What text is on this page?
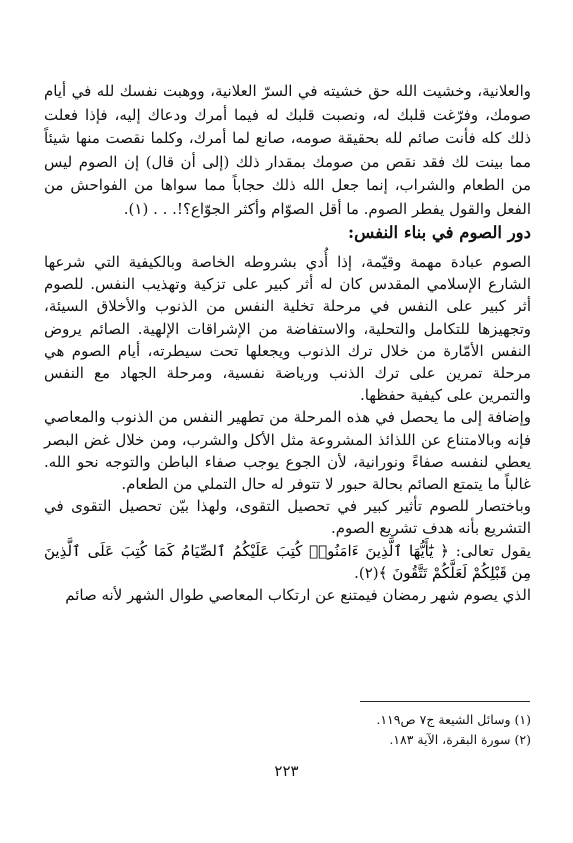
والعلانية، وخشيت الله حق خشيته في السرّ العلانية، ووهبت نفسك لله في أيام صومك، وفرّغت قلبك له، ونصبت قلبك له فيما أمرك ودعاك إليه، فإذا فعلت ذلك كله فأنت صائم لله بحقيقة صومه، صانع لما أمرك، وكلما نقصت منها شيئاً مما بينت لك فقد نقص من صومك بمقدار ذلك (إلى أن قال) إن الصوم ليس من الطعام والشراب، إنما جعل الله ذلك حجاباً مما سواها من الفواحش من الفعل والقول يفطر الصوم. ما أقل الصوّام وأكثر الجوّاع؟!. . . (١).

دور الصوم في بناء النفس:

الصوم عبادة مهمة وقيّمة، إذا أُدي بشروطه الخاصة وبالكيفية التي شرعها الشارع الإسلامي المقدس كان له أثر كبير على تزكية وتهذيب النفس. للصوم أثر كبير على النفس في مرحلة تخلية النفس من الذنوب والأخلاق السيئة، وتجهيزها للتكامل والتحلية، والاستفاضة من الإشراقات الإلهية. الصائم يروض النفس الأمّارة من خلال ترك الذنوب ويجعلها تحت سيطرته، أيام الصوم هي مرحلة تمرين على ترك الذنب ورياضة نفسية، ومرحلة الجهاد مع النفس والتمرين على كيفية حفظها.

وإضافة إلى ما يحصل في هذه المرحلة من تطهير النفس من الذنوب والمعاصي فإنه وبالامتناع عن اللذائذ المشروعة مثل الأكل والشرب، ومن خلال غض البصر يعطي لنفسه صفاءً ونورانية، لأن الجوع يوجب صفاء الباطن والتوجه نحو الله. غالباً ما يتمتع الصائم بحالة حبور لا تتوفر له حال التملي من الطعام.

وباختصار للصوم تأثير كبير في تحصيل التقوى، ولهذا بيّن تحصيل التقوى في التشريع بأنه هدف تشريع الصوم.

يقول تعالى: ﴿ يَٰٓأَيُّهَا ٱلَّذِينَ ءَامَنُوا۟ كُتِبَ عَلَيْكُمُ ٱلصِّيَامُ كَمَا كُتِبَ عَلَى ٱلَّذِينَ مِن قَبْلِكُمْ لَعَلَّكُمْ تَتَّقُونَ ﴾(٢).

الذي يصوم شهر رمضان فيمتنع عن ارتكاب المعاصي طوال الشهر لأنه صائم

(١) وسائل الشيعة ج٧ ص١١٩.

(٢) سورة البقرة، الآية ١٨٣.

٢٢٣
